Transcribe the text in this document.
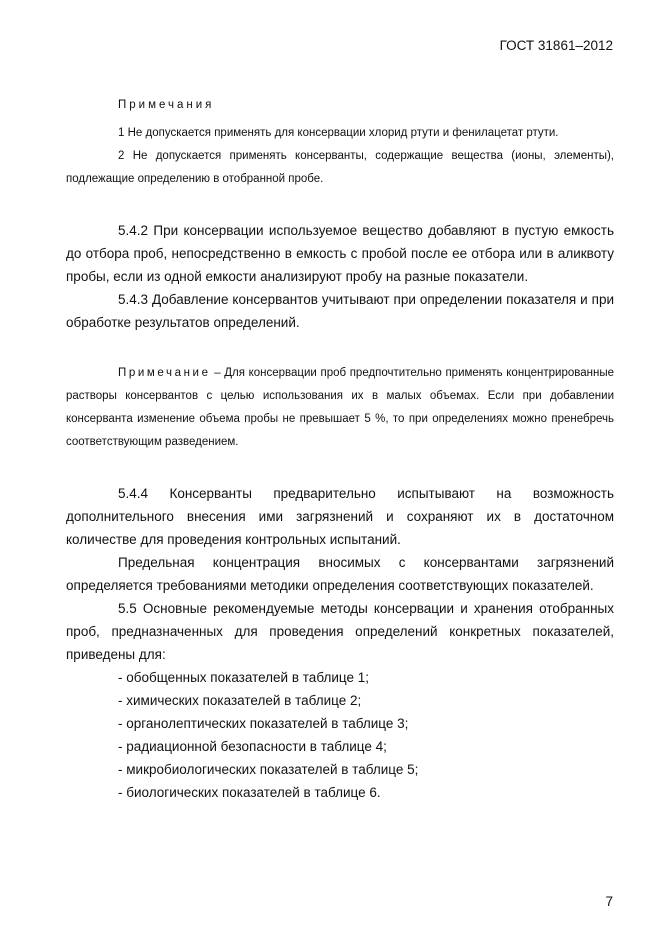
ГОСТ 31861–2012

Примечания

1 Не допускается применять для консервации хлорид ртути и фенилацетат ртути.

2 Не допускается применять консерванты, содержащие вещества (ионы, элементы), подлежащие определению в отобранной пробе.

5.4.2 При консервации используемое вещество добавляют в пустую емкость до отбора проб, непосредственно в емкость с пробой после ее отбора или в аликвоту пробы, если из одной емкости анализируют пробу на разные показатели.

5.4.3 Добавление консервантов учитывают при определении показателя и при обработке результатов определений.

Примечание – Для консервации проб предпочтительно применять концентрированные растворы консервантов с целью использования их в малых объемах. Если при добавлении консерванта изменение объема пробы не превышает 5 %, то при определениях можно пренебречь соответствующим разведением.

5.4.4 Консерванты предварительно испытывают на возможность дополнительного внесения ими загрязнений и сохраняют их в достаточном количестве для проведения контрольных испытаний.

Предельная концентрация вносимых с консервантами загрязнений определяется требованиями методики определения соответствующих показателей.

5.5 Основные рекомендуемые методы консервации и хранения отобранных проб, предназначенных для проведения определений конкретных показателей, приведены для:

- обобщенных показателей в таблице 1;
- химических показателей в таблице 2;
- органолептических показателей в таблице 3;
- радиационной безопасности в таблице 4;
- микробиологических показателей в таблице 5;
- биологических показателей в таблице 6.
7
